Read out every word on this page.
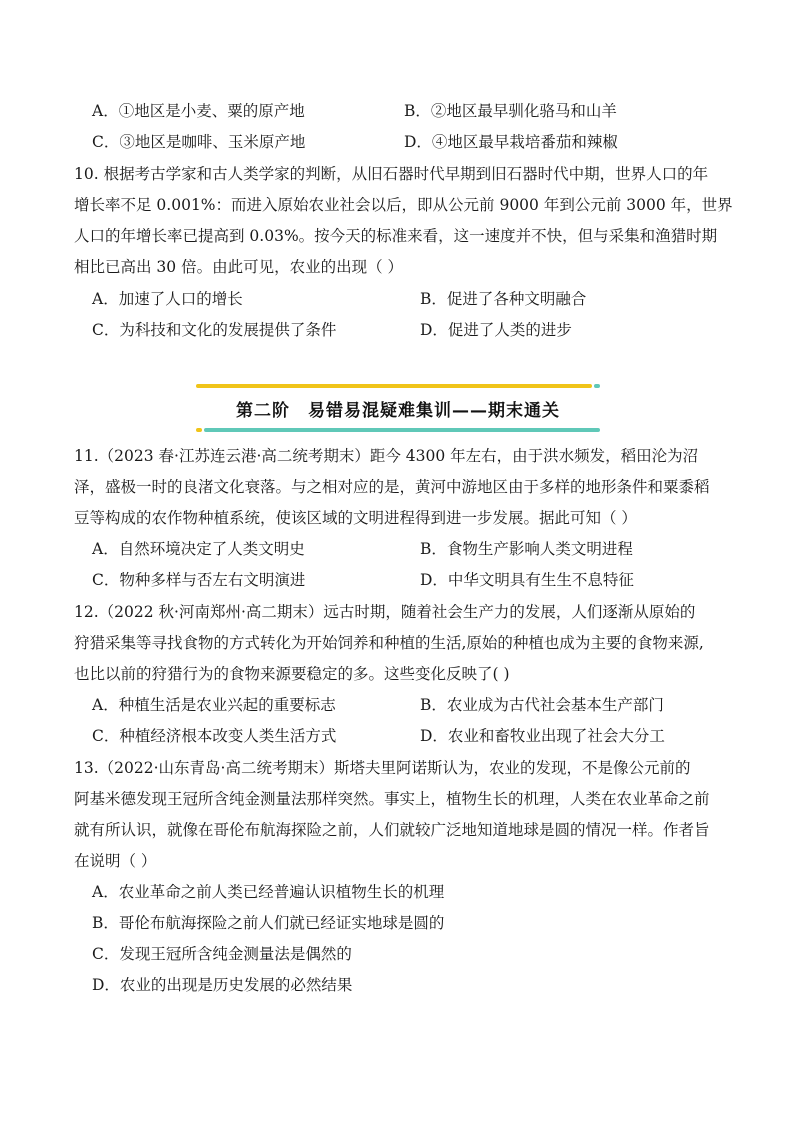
A．①地区是小麦、粟的原产地	B．②地区最早驯化骆马和山羊
C．③地区是咖啡、玉米原产地	D．④地区最早栽培番茄和辣椒
10. 根据考古学家和古人类学家的判断，从旧石器时代早期到旧石器时代中期，世界人口的年
增长率不足 0.001%：而进入原始农业社会以后，即从公元前 9000 年到公元前 3000 年，世界
人口的年增长率已提高到 0.03%。按今天的标准来看，这一速度并不快，但与采集和渔猎时期
相比已高出 30 倍。由此可见，农业的出现（ ）
A．加速了人口的增长	B．促进了各种文明融合
C．为科技和文化的发展提供了条件	D．促进了人类的进步
第二阶　易错易混疑难集训——期末通关
11.（2023 春·江苏连云港·高二统考期末）距今 4300 年左右，由于洪水频发，稻田沦为沼
泽，盛极一时的良渚文化衰落。与之相对应的是，黄河中游地区由于多样的地形条件和粟黍稻
豆等构成的农作物种植系统，使该区域的文明进程得到进一步发展。据此可知（ ）
A．自然环境决定了人类文明史	B．食物生产影响人类文明进程
C．物种多样与否左右文明演进	D．中华文明具有生生不息特征
12.（2022 秋·河南郑州·高二期末）远古时期，随着社会生产力的发展，人们逐渐从原始的
狩猎采集等寻找食物的方式转化为开始饲养和种植的生活,原始的种植也成为主要的食物来源,
也比以前的狩猎行为的食物来源要稳定的多。这些变化反映了( )
A．种植生活是农业兴起的重要标志	B．农业成为古代社会基本生产部门
C．种植经济根本改变人类生活方式	D．农业和畜牧业出现了社会大分工
13.（2022·山东青岛·高二统考期末）斯塔夫里阿诺斯认为，农业的发现，不是像公元前的
阿基米德发现王冠所含纯金测量法那样突然。事实上，植物生长的机理，人类在农业革命之前
就有所认识，就像在哥伦布航海探险之前，人们就较广泛地知道地球是圆的情况一样。作者旨
在说明（ ）
A．农业革命之前人类已经普遍认识植物生长的机理
B．哥伦布航海探险之前人们就已经证实地球是圆的
C．发现王冠所含纯金测量法是偶然的
D．农业的出现是历史发展的必然结果
